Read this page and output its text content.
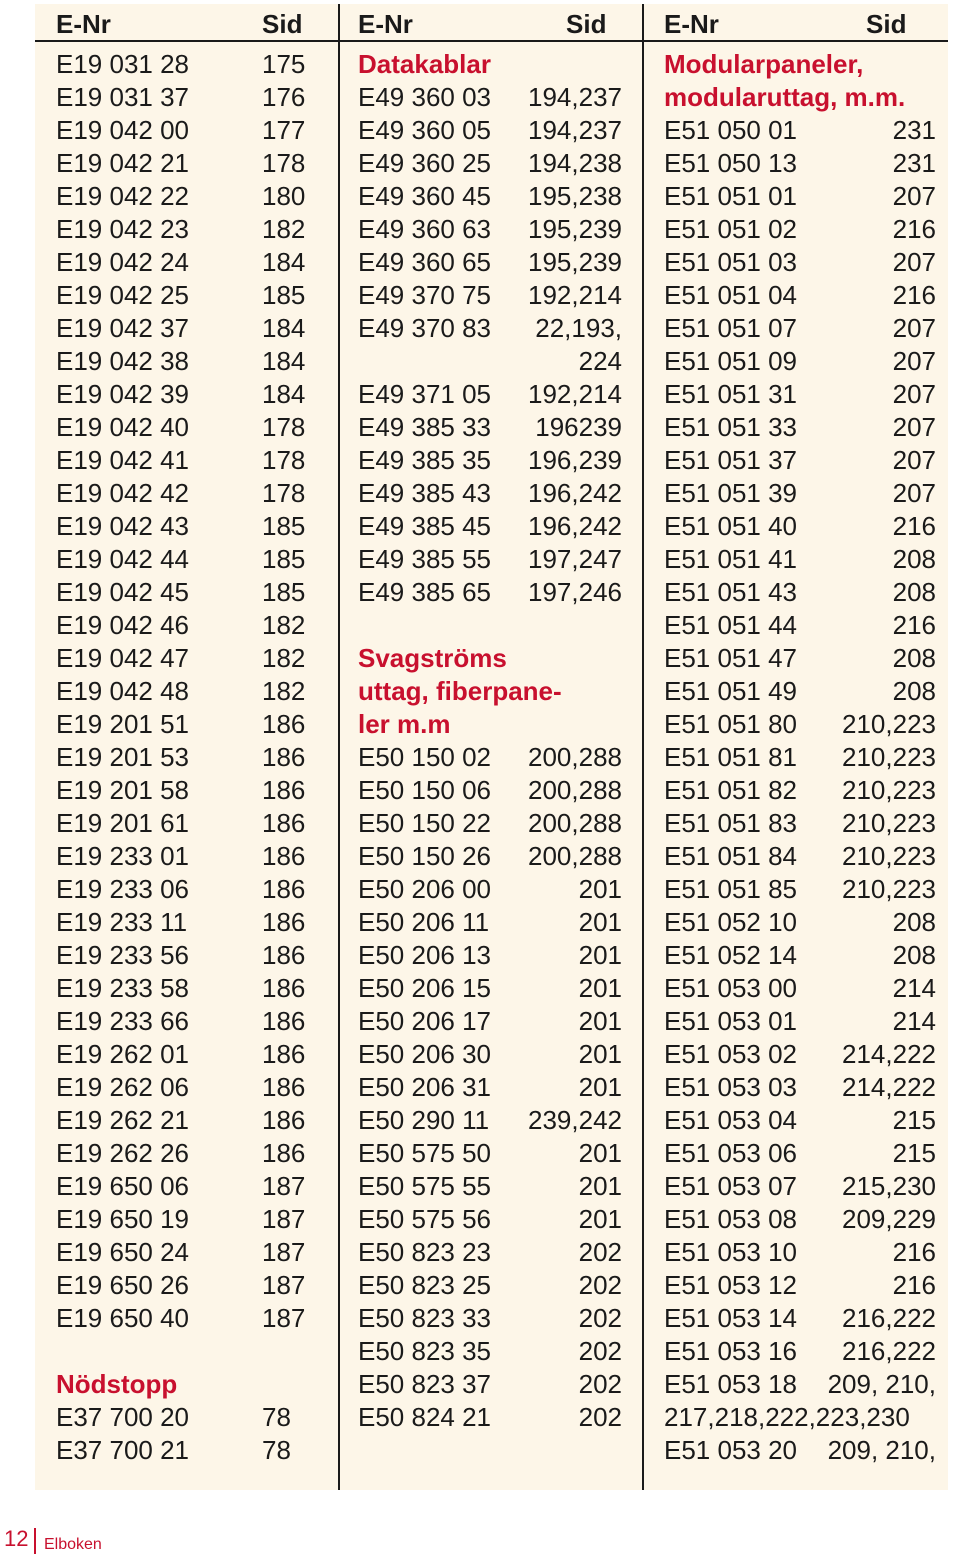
E-Nr	Sid E-Nr	Sid E-Nr	Sid
E19 031 28	175
E19 031 37	176
E19 042 00	177
E19 042 21	178
E19 042 22	180
E19 042 23	182
E19 042 24	184
E19 042 25	185
E19 042 37	184
E19 042 38	184
E19 042 39	184
E19 042 40	178
E19 042 41	178
E19 042 42	178
E19 042 43	185
E19 042 44	185
E19 042 45	185
E19 042 46	182
E19 042 47	182
E19 042 48	182
E19 201 51	186
E19 201 53	186
E19 201 58	186
E19 201 61	186
E19 233 01	186
E19 233 06	186
E19 233 11	186
E19 233 56	186
E19 233 58	186
E19 233 66	186
E19 262 01	186
E19 262 06	186
E19 262 21	186
E19 262 26	186
E19 650 06	187
E19 650 19	187
E19 650 24	187
E19 650 26	187
E19 650 40	187
Nödstopp
E37 700 20	78
E37 700 21	78
Datakablar
E49 360 03 194,237
E49 360 05 194,237
E49 360 25 194,238
E49 360 45 195,238
E49 360 63 195,239
E49 360 65 195,239
E49 370 75 192,214
E49 370 83 22,193,
224
E49 371 05 192,214
E49 385 33 196239
E49 385 35 196,239
E49 385 43 196,242
E49 385 45 196,242
E49 385 55 197,247
E49 385 65 197,246
Svagströms
uttag, fiberpane-
ler m.m
E50 150 02 200,288
E50 150 06 200,288
E50 150 22 200,288
E50 150 26 200,288
E50 206 00	201
E50 206 11	201
E50 206 13	201
E50 206 15	201
E50 206 17	201
E50 206 30	201
E50 206 31	201
E50 290 11 239,242
E50 575 50	201
E50 575 55	201
E50 575 56	201
E50 823 23	202
E50 823 25	202
E50 823 33	202
E50 823 35	202
E50 823 37	202
E50 824 21	202
Modularpaneler,
modularuttag, m.m.
E51 050 01	231
E51 050 13	231
E51 051 01	207
E51 051 02	216
E51 051 03	207
E51 051 04	216
E51 051 07	207
E51 051 09	207
E51 051 31	207
E51 051 33	207
E51 051 37	207
E51 051 39	207
E51 051 40	216
E51 051 41	208
E51 051 43	208
E51 051 44	216
E51 051 47	208
E51 051 49	208
E51 051 80 210,223
E51 051 81 210,223
E51 051 82 210,223
E51 051 83 210,223
E51 051 84 210,223
E51 051 85 210,223
E51 052 10	208
E51 052 14	208
E51 053 00	214
E51 053 01	214
E51 053 02 214,222
E51 053 03 214,222
E51 053 04	215
E51 053 06	215
E51 053 07 215,230
E51 053 08 209,229
E51 053 10	216
E51 053 12	216
E51 053 14 216,222
E51 053 16 216,222
E51 053 18 209, 210,
217,218,222,223,230
E51 053 20 209, 210,
12 Elboken
